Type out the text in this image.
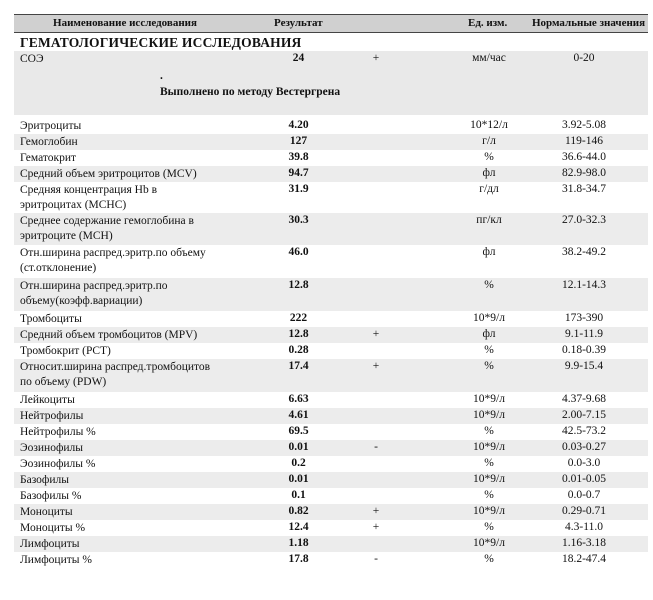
Наименование исследования	Результат	Ед. изм. Нормальные значения
ГЕМАТОЛОГИЧЕСКИЕ ИССЛЕДОВАНИЯ
СОЭ	24	+	мм/час	0-20
.
Выполнено по методу Вестергрена
Эритроциты	4.20	10*12/л	3.92-5.08
Гемоглобин	127	г/л	119-146
Гематокрит	39.8	%	36.6-44.0
Средний объем эритроцитов (MCV)	94.7	фл	82.9-98.0
Средняя концентрация Hb в
эритроцитах (MCHC)
31.9	г/дл	31.8-34.7
Среднее содержание гемоглобина в
эритроците (MCH)
30.3	пг/кл	27.0-32.3
Отн.ширина распред.эритр.по объему
(ст.отклонение)
46.0	фл	38.2-49.2
Отн.ширина распред.эритр.по
объему(коэфф.вариации)
12.8	%	12.1-14.3
Тромбоциты	222	10*9/л	173-390
Средний объем тромбоцитов (MPV)	12.8	+	фл	9.1-11.9
Тромбокрит (PCT)	0.28	%	0.18-0.39
Относит.ширина распред.тромбоцитов
по объему (PDW)
17.4	+	%	9.9-15.4
Лейкоциты	6.63	10*9/л	4.37-9.68
Нейтрофилы	4.61	10*9/л	2.00-7.15
Нейтрофилы %	69.5	%	42.5-73.2
Эозинофилы	0.01	-	10*9/л	0.03-0.27
Эозинофилы %	0.2	%	0.0-3.0
Базофилы	0.01	10*9/л	0.01-0.05
Базофилы %	0.1	%	0.0-0.7
Моноциты	0.82	+	10*9/л	0.29-0.71
Моноциты %	12.4	+	%	4.3-11.0
Лимфоциты	1.18	10*9/л	1.16-3.18
Лимфоциты %	17.8	-	%	18.2-47.4
